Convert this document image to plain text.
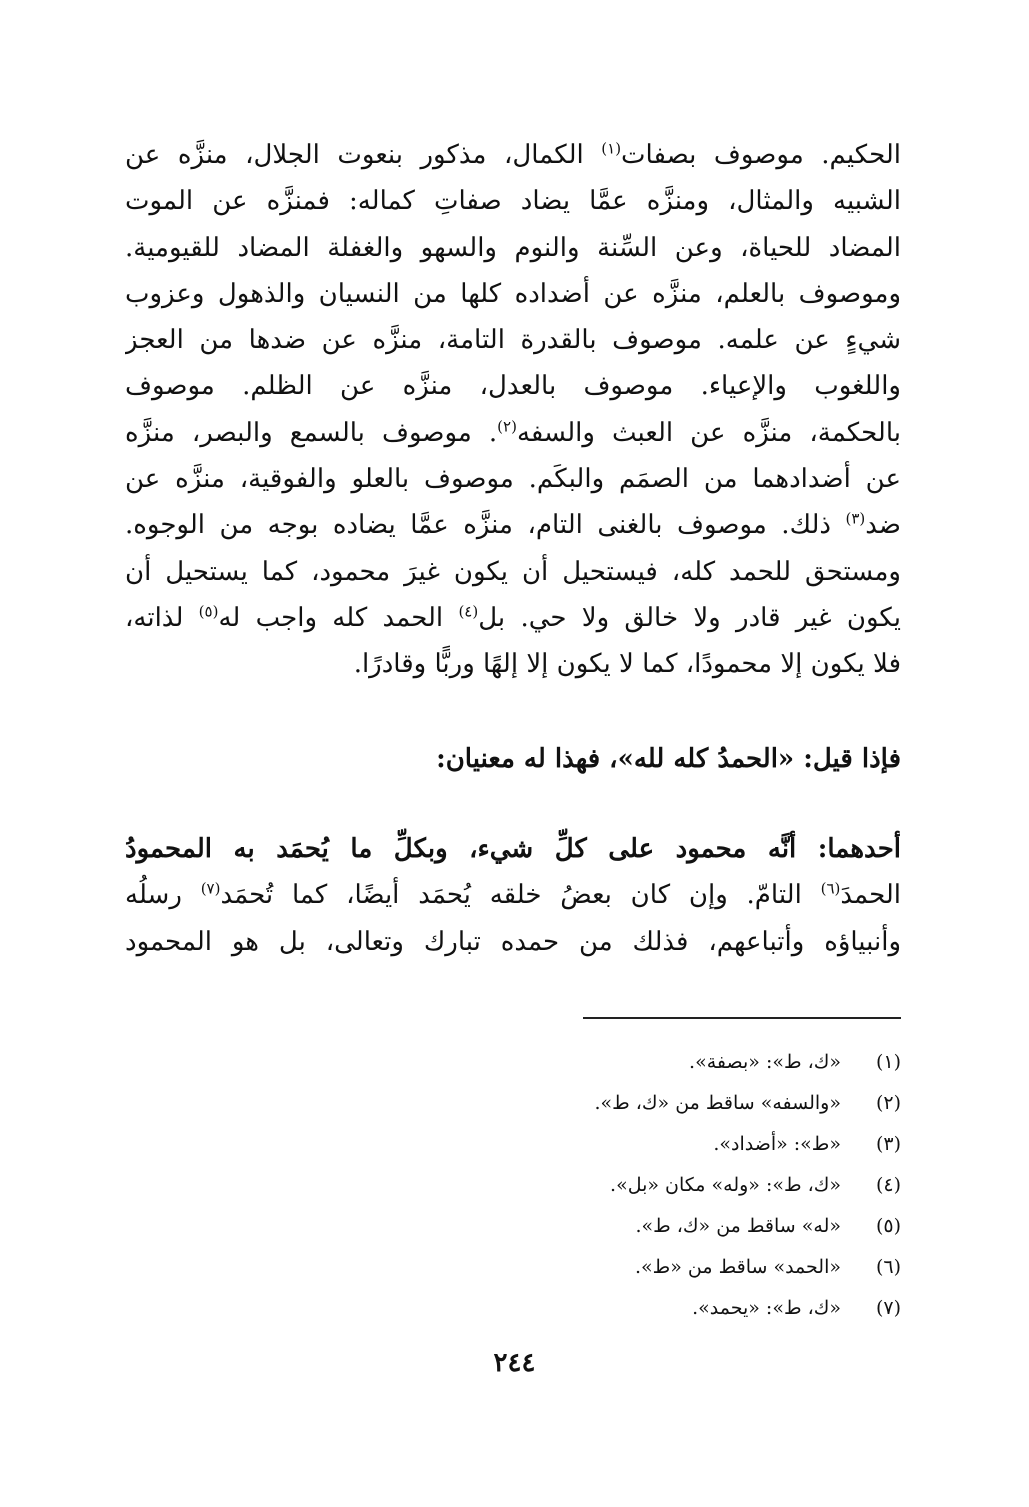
الحكيم. موصوف بصفات$^{(١)}$ الكمال، مذكور بنعوت الجلال، منزَّه عن
الشبيه والمثال، ومنزَّه عمَّا يضاد صفاتِ كماله: فمنزَّه عن الموت
المضاد للحياة، وعن السِّنة والنوم والسهو والغفلة المضاد للقيومية.
وموصوف بالعلم، منزَّه عن أضداده كلها من النسيان والذهول وعزوب
شيءٍ عن علمه. موصوف بالقدرة التامة، منزَّه عن ضدها من العجز
واللغوب والإعياء. موصوف بالعدل، منزَّه عن الظلم. موصوف
بالحكمة، منزَّه عن العبث والسفه$^{(٢)}$. موصوف بالسمع والبصر، منزَّه
عن أضدادهما من الصمَم والبكَم. موصوف بالعلو والفوقية، منزَّه عن
ضد$^{(٣)}$ ذلك. موصوف بالغنى التام، منزَّه عمَّا يضاده بوجه من الوجوه.
ومستحق للحمد كله، فيستحيل أن يكون غيرَ محمود، كما يستحيل أن
يكون غير قادر ولا خالق ولا حي. بل$^{(٤)}$ الحمد كله واجب له$^{(٥)}$ لذاته،
فلا يكون إلا محمودًا، كما لا يكون إلا إلهًا وربًّا وقادرًا.
فإذا قيل: «الحمدُ كله لله»، فهذا له معنيان:
أحدهما: أنَّه محمود على كلِّ شيء، وبكلِّ ما يُحمَد به المحمودُ
الحمدَ$^{(٦)}$ التامّ. وإن كان بعضُ خلقه يُحمَد أيضًا، كما تُحمَد$^{(٧)}$ رسلُه
وأنبياؤه وأتباعهم، فذلك من حمده تبارك وتعالى، بل هو المحمود
(١)«ك، ط»: «بصفة».
(٢)«والسفه» ساقط من «ك، ط».
(٣)«ط»: «أضداد».
(٤)«ك، ط»: «وله» مكان «بل».
(٥)«له» ساقط من «ك، ط».
(٦)«الحمد» ساقط من «ط».
(٧)«ك، ط»: «يحمد».
٢٤٤
